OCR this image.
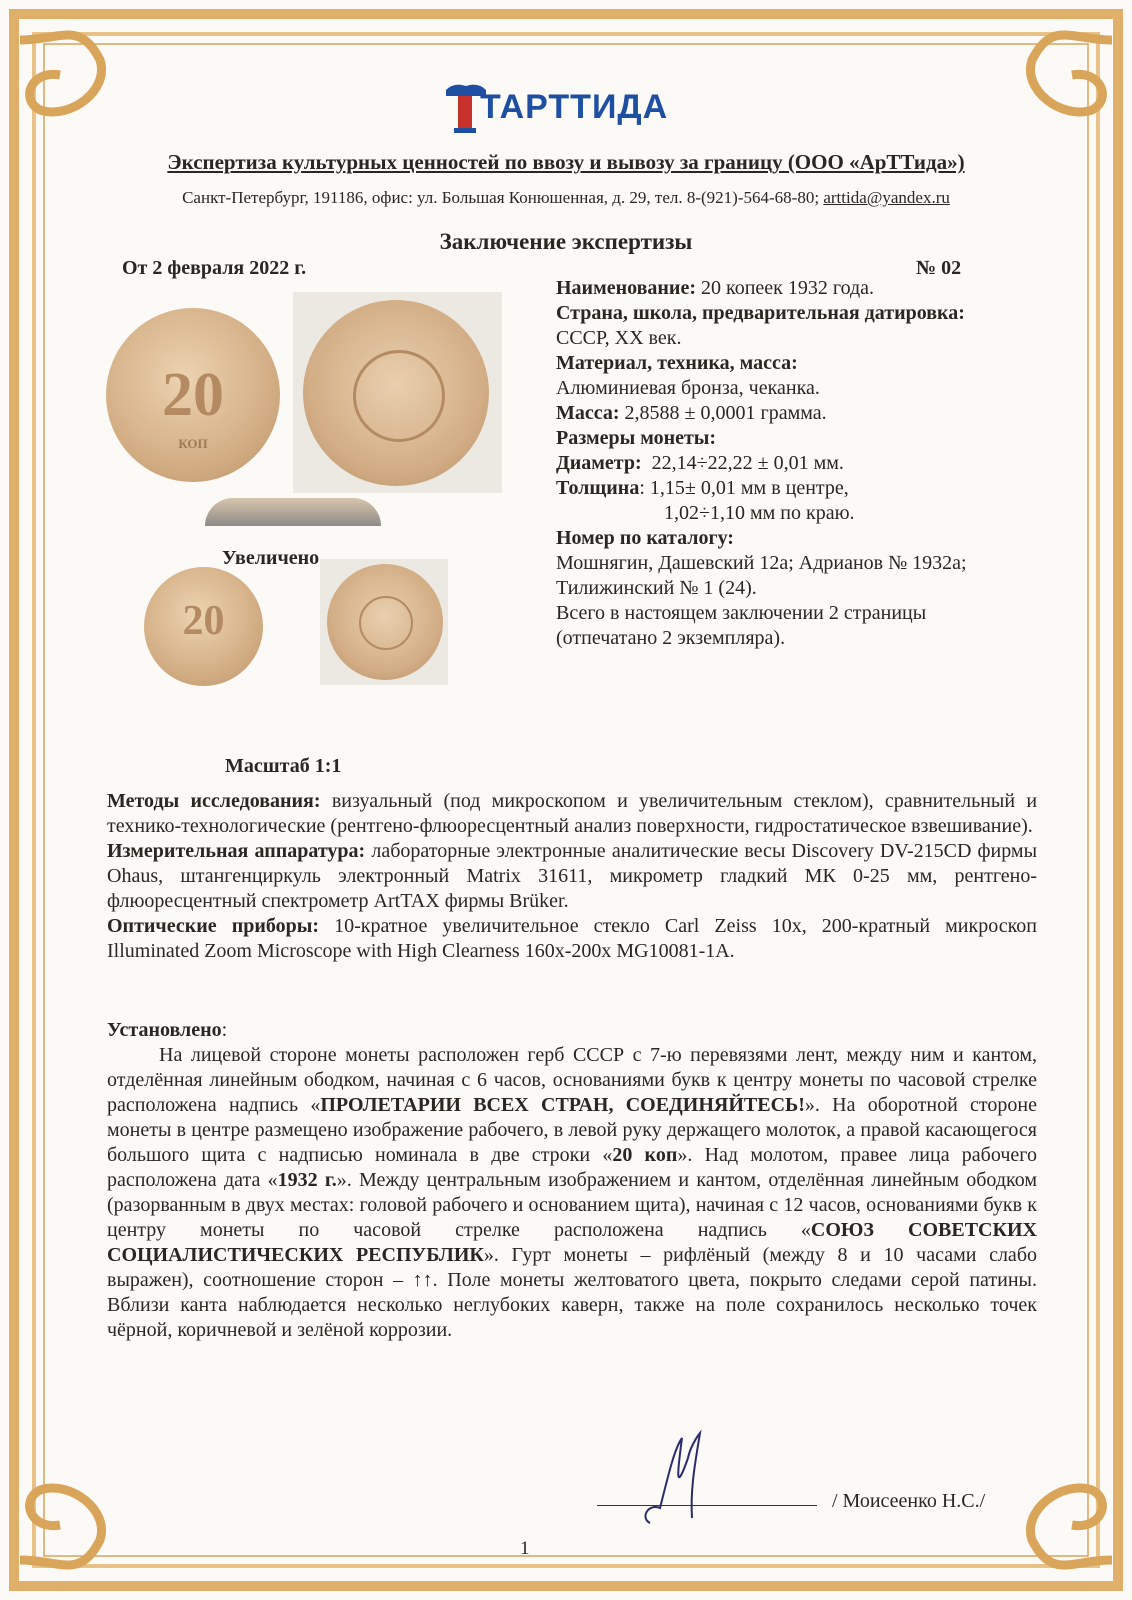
ТАРТТИДА
Экспертиза культурных ценностей по ввозу и вывозу за границу (ООО «АрТТида»)
Санкт-Петербург, 191186, офис: ул. Большая Конюшенная, д. 29, тел. 8-(921)-564-68-80; arttida@yandex.ru
Заключение экспертизы
От 2 февраля 2022 г.	№ 02
20
КОП
Увеличено
20
Масштаб 1:1
Наименование: 20 копеек 1932 года.
Страна, школа, предварительная датировка:
СССР, XX век.
Материал, техника, масса:
Алюминиевая бронза, чеканка.
Масса: 2,8588 ± 0,0001 грамма.
Размеры монеты:
Диаметр: 22,14÷22,22 ± 0,01 мм.
Толщина: 1,15± 0,01 мм в центре,
1,02÷1,10 мм по краю.
Номер по каталогу:
Мошнягин, Дашевский 12а; Адрианов № 1932а;
Тилижинский № 1 (24).
Всего в настоящем заключении 2 страницы
(отпечатано 2 экземпляра).
Методы исследования: визуальный (под микроскопом и увеличительным стеклом), сравнительный и технико-технологические (рентгено-флюоресцентный анализ поверхности, гидростатическое взвешивание).
Измерительная аппаратура: лабораторные электронные аналитические весы Discovery DV-215CD фирмы Ohaus, штангенциркуль электронный Matrix 31611, микрометр гладкий МК 0-25 мм, рентгено-флюоресцентный спектрометр ArtTAX фирмы Brüker.
Оптические приборы: 10-кратное увеличительное стекло Carl Zeiss 10x, 200-кратный микроскоп Illuminated Zoom Microscope with High Clearness 160x-200x MG10081-1A.
Установлено:
На лицевой стороне монеты расположен герб СССР с 7-ю перевязями лент, между ним и кантом, отделённая линейным ободком, начиная с 6 часов, основаниями букв к центру монеты по часовой стрелке расположена надпись «ПРОЛЕТАРИИ ВСЕХ СТРАН, СОЕДИНЯЙТЕСЬ!». На оборотной стороне монеты в центре размещено изображение рабочего, в левой руку держащего молоток, а правой касающегося большого щита с надписью номинала в две строки «20 коп». Над молотом, правее лица рабочего расположена дата «1932 г.». Между центральным изображением и кантом, отделённая линейным ободком (разорванным в двух местах: головой рабочего и основанием щита), начиная с 12 часов, основаниями букв к центру монеты по часовой стрелке расположена надпись «СОЮЗ СОВЕТСКИХ СОЦИАЛИСТИЧЕСКИХ РЕСПУБЛИК». Гурт монеты – рифлёный (между 8 и 10 часами слабо выражен), соотношение сторон – ↑↑. Поле монеты желтоватого цвета, покрыто следами серой патины. Вблизи канта наблюдается несколько неглубоких каверн, также на поле сохранилось несколько точек чёрной, коричневой и зелёной коррозии.
/ Моисеенко Н.С./
1
